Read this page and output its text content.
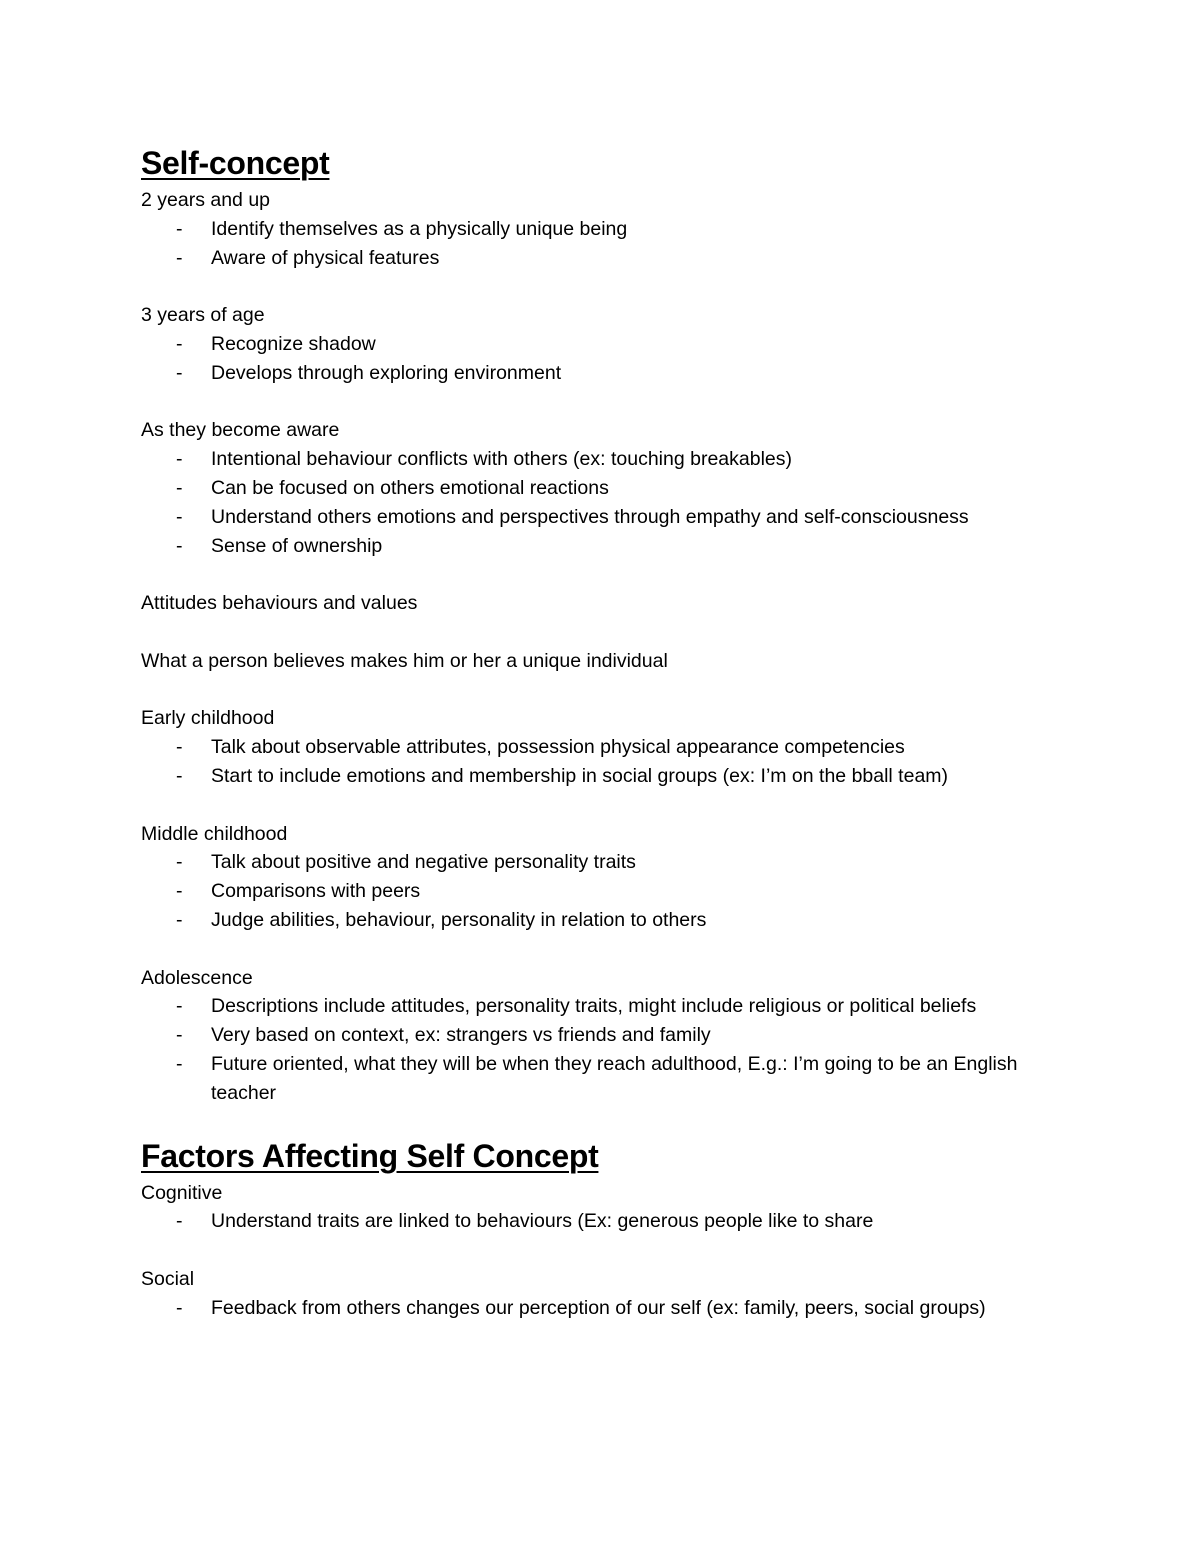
Self-concept

2 years and up

- Identify themselves as a physically unique being
- Aware of physical features

3 years of age

- Recognize shadow
- Develops through exploring environment

As they become aware

- Intentional behaviour conflicts with others (ex: touching breakables)
- Can be focused on others emotional reactions
- Understand others emotions and perspectives through empathy and self-consciousness
- Sense of ownership

Attitudes behaviours and values

What a person believes makes him or her a unique individual

Early childhood

- Talk about observable attributes, possession physical appearance competencies
- Start to include emotions and membership in social groups (ex: I’m on the bball team)

Middle childhood

- Talk about positive and negative personality traits
- Comparisons with peers
- Judge abilities, behaviour, personality in relation to others

Adolescence

- Descriptions include attitudes, personality traits, might include religious or political beliefs
- Very based on context, ex: strangers vs friends and family
- Future oriented, what they will be when they reach adulthood, E.g.: I’m going to be an English teacher
Factors Affecting Self Concept

Cognitive

- Understand traits are linked to behaviours (Ex: generous people like to share

Social

- Feedback from others changes our perception of our self (ex: family, peers, social groups)
